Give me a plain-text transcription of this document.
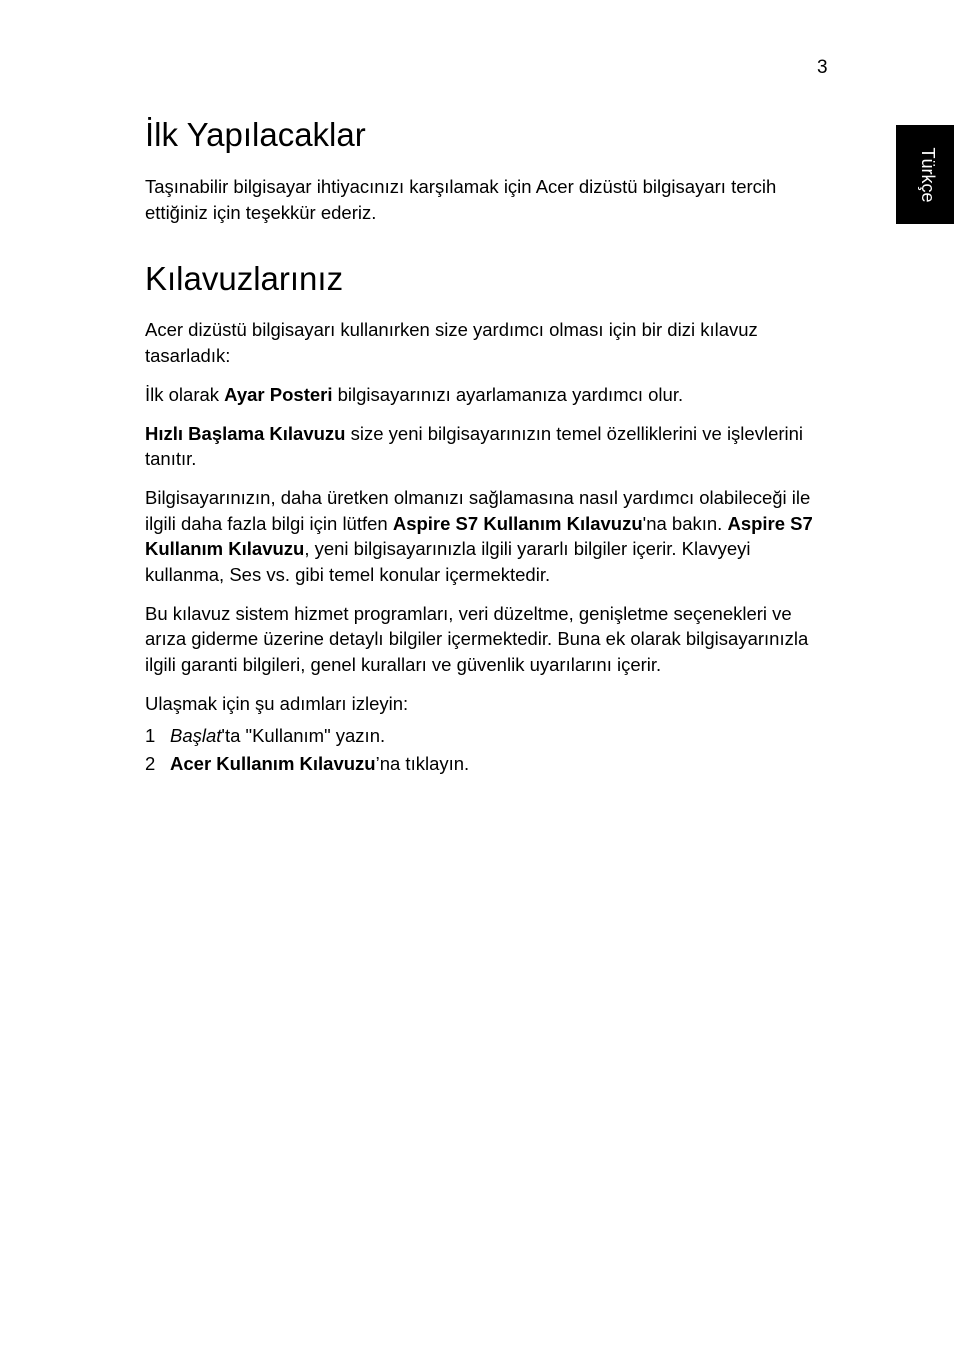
3
Türkçe
İlk Yapılacaklar

Taşınabilir bilgisayar ihtiyacınızı karşılamak için Acer dizüstü bilgisayarı tercih ettiğiniz için teşekkür ederiz.

Kılavuzlarınız

Acer dizüstü bilgisayarı kullanırken size yardımcı olması için bir dizi kılavuz tasarladık:

İlk olarak Ayar Posteri bilgisayarınızı ayarlamanıza yardımcı olur.

Hızlı Başlama Kılavuzu size yeni bilgisayarınızın temel özelliklerini ve işlevlerini tanıtır.

Bilgisayarınızın, daha üretken olmanızı sağlamasına nasıl yardımcı olabileceği ile ilgili daha fazla bilgi için lütfen Aspire S7 Kullanım Kılavuzu'na bakın. Aspire S7 Kullanım Kılavuzu, yeni bilgisayarınızla ilgili yararlı bilgiler içerir. Klavyeyi kullanma, Ses vs. gibi temel konular içermektedir.

Bu kılavuz sistem hizmet programları, veri düzeltme, genişletme seçenekleri ve arıza giderme üzerine detaylı bilgiler içermektedir. Buna ek olarak bilgisayarınızla ilgili garanti bilgileri, genel kuralları ve güvenlik uyarılarını içerir.

Ulaşmak için şu adımları izleyin:

1 Başlat'ta "Kullanım" yazın.
2 Acer Kullanım Kılavuzu’na tıklayın.
